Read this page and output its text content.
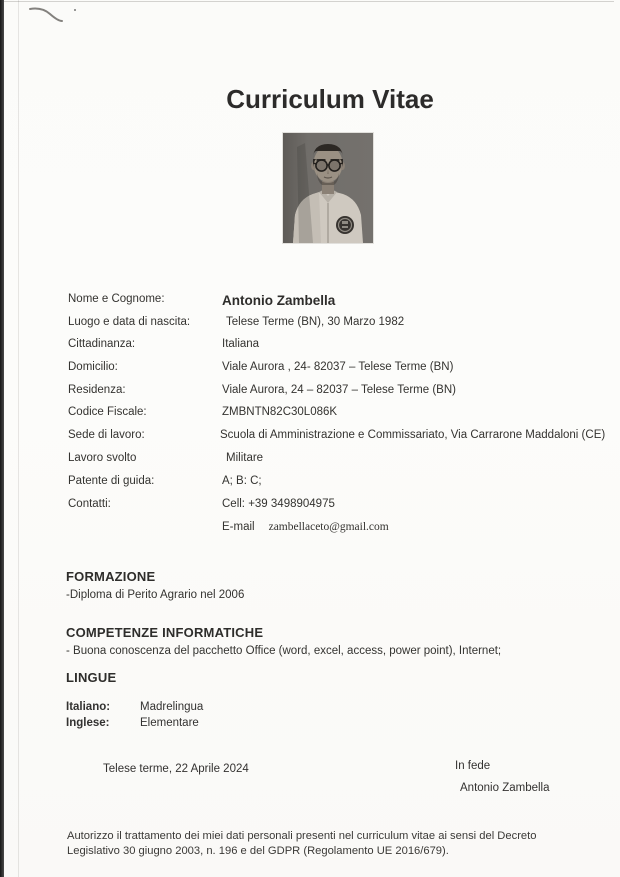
Curriculum Vitae
Nome e Cognome:	Antonio Zambella
Luogo e data di nascita:	Telese Terme (BN), 30 Marzo 1982
Cittadinanza:	Italiana
Domicilio:	Viale Aurora , 24- 82037 – Telese Terme (BN)
Residenza:	Viale Aurora, 24 – 82037 – Telese Terme (BN)
Codice Fiscale:	ZMBNTN82C30L086K
Sede di lavoro:	Scuola di Amministrazione e Commissariato, Via Carrarone Maddaloni (CE)
Lavoro svolto	Militare
Patente di guida:	A; B: C;
Contatti:	Cell: +39 3498904975
E-mail zambellaceto@gmail.com
FORMAZIONE
-Diploma di Perito Agrario nel 2006
COMPETENZE INFORMATICHE
- Buona conoscenza del pacchetto Office (word, excel, access, power point), Internet;
LINGUE
Italiano:	Madrelingua
Inglese:	Elementare
Telese terme, 22 Aprile 2024	In fede
Antonio Zambella
Autorizzo il trattamento dei miei dati personali presenti nel curriculum vitae ai sensi del Decreto Legislativo 30 giugno 2003, n. 196 e del GDPR (Regolamento UE 2016/679).
